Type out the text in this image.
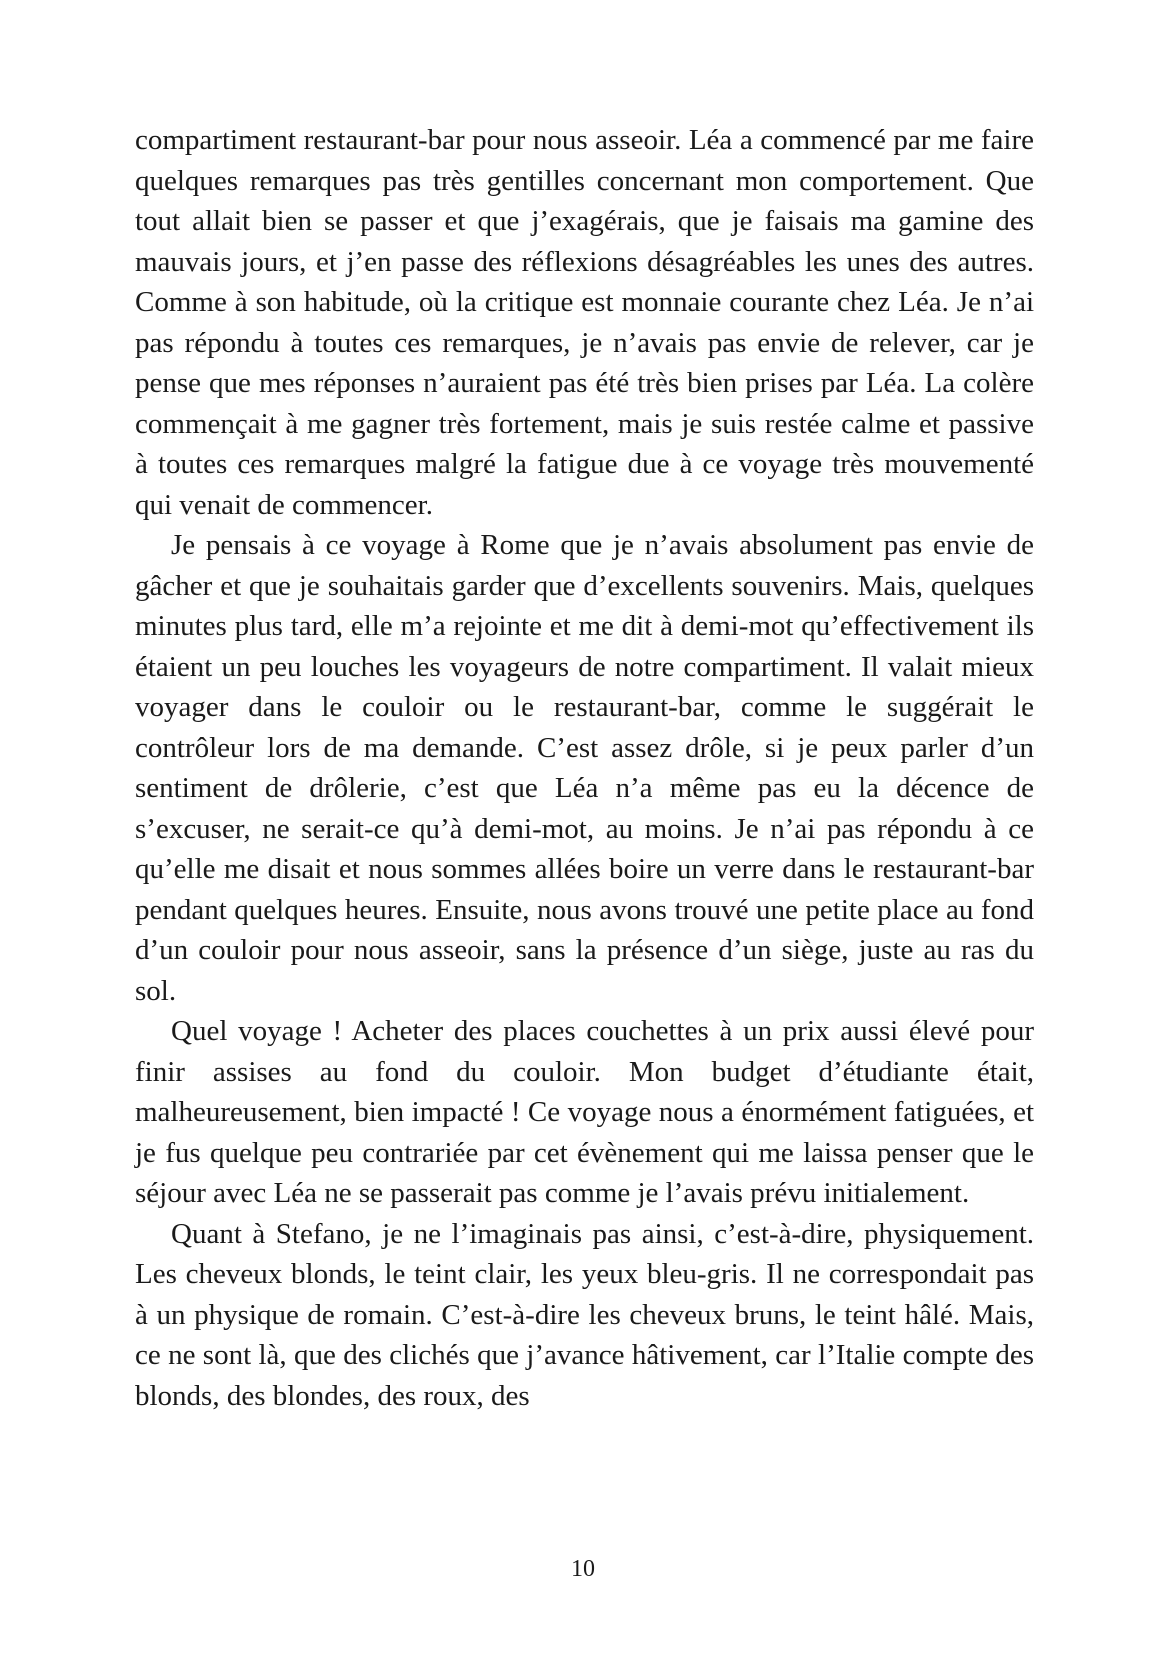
compartiment restaurant-bar pour nous asseoir. Léa a commencé par me faire quelques remarques pas très gentilles concernant mon comportement. Que tout allait bien se passer et que j’exagérais, que je faisais ma gamine des mauvais jours, et j’en passe des réflexions désagréables les unes des autres. Comme à son habitude, où la critique est monnaie courante chez Léa. Je n’ai pas répondu à toutes ces remarques, je n’avais pas envie de relever, car je pense que mes réponses n’auraient pas été très bien prises par Léa. La colère commençait à me gagner très fortement, mais je suis restée calme et passive à toutes ces remarques malgré la fatigue due à ce voyage très mouvementé qui venait de commencer.

Je pensais à ce voyage à Rome que je n’avais absolument pas envie de gâcher et que je souhaitais garder que d’excellents souvenirs. Mais, quelques minutes plus tard, elle m’a rejointe et me dit à demi-mot qu’effectivement ils étaient un peu louches les voyageurs de notre compartiment. Il valait mieux voyager dans le couloir ou le restaurant-bar, comme le suggérait le contrôleur lors de ma demande. C’est assez drôle, si je peux parler d’un sentiment de drôlerie, c’est que Léa n’a même pas eu la décence de s’excuser, ne serait-ce qu’à demi-mot, au moins. Je n’ai pas répondu à ce qu’elle me disait et nous sommes allées boire un verre dans le restaurant-bar pendant quelques heures. Ensuite, nous avons trouvé une petite place au fond d’un couloir pour nous asseoir, sans la présence d’un siège, juste au ras du sol.

Quel voyage ! Acheter des places couchettes à un prix aussi élevé pour finir assises au fond du couloir. Mon budget d’étudiante était, malheureusement, bien impacté ! Ce voyage nous a énormément fatiguées, et je fus quelque peu contrariée par cet évènement qui me laissa penser que le séjour avec Léa ne se passerait pas comme je l’avais prévu initialement.

Quant à Stefano, je ne l’imaginais pas ainsi, c’est-à-dire, physiquement. Les cheveux blonds, le teint clair, les yeux bleu-gris. Il ne correspondait pas à un physique de romain. C’est-à-dire les cheveux bruns, le teint hâlé. Mais, ce ne sont là, que des clichés que j’avance hâtivement, car l’Italie compte des blonds, des blondes, des roux, des

10
